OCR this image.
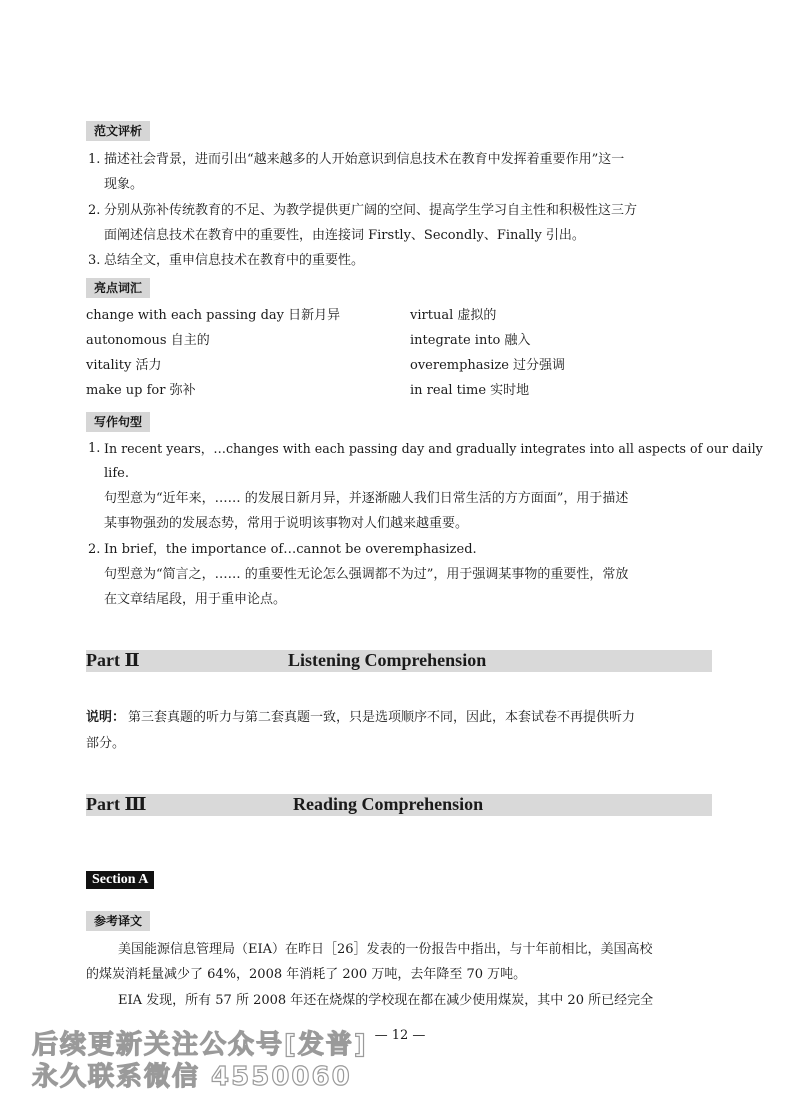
范文评析
1. 描述社会背景，进而引出“越来越多的人开始意识到信息技术在教育中发挥着重要作用”这一
现象。
2. 分别从弥补传统教育的不足、为教学提供更广阔的空间、提高学生学习自主性和积极性这三方
面阐述信息技术在教育中的重要性，由连接词 Firstly、Secondly、Finally 引出。
3. 总结全文，重申信息技术在教育中的重要性。
亮点词汇
change with each passing day 日新月异
autonomous 自主的
vitality 活力
make up for 弥补
virtual 虚拟的
integrate into 融入
overemphasize 过分强调
in real time 实时地
写作句型
1. In recent years，…changes with each passing day and gradually integrates into all aspects of our daily
life.
句型意为“近年来，…… 的发展日新月异，并逐渐融人我们日常生活的方方面面”，用于描述
某事物强劲的发展态势，常用于说明该事物对人们越来越重要。
2. In brief，the importance of…cannot be overemphasized.
句型意为“简言之，…… 的重要性无论怎么强调都不为过”，用于强调某事物的重要性，常放
在文章结尾段，用于重申论点。
Part Ⅱ	Listening Comprehension
说明： 第三套真题的听力与第二套真题一致，只是选项顺序不同，因此，本套试卷不再提供听力
部分。
Part Ⅲ	Reading Comprehension
Section A
参考译文
美国能源信息管理局（EIA）在昨日［26］发表的一份报告中指出，与十年前相比，美国高校
的煤炭消耗量减少了 64%，2008 年消耗了 200 万吨，去年降至 70 万吨。
EIA 发现，所有 57 所 2008 年还在烧煤的学校现在都在减少使用煤炭，其中 20 所已经完全
— 12 —
后续更新关注公众号[发普]
永久联系微信 4550060
